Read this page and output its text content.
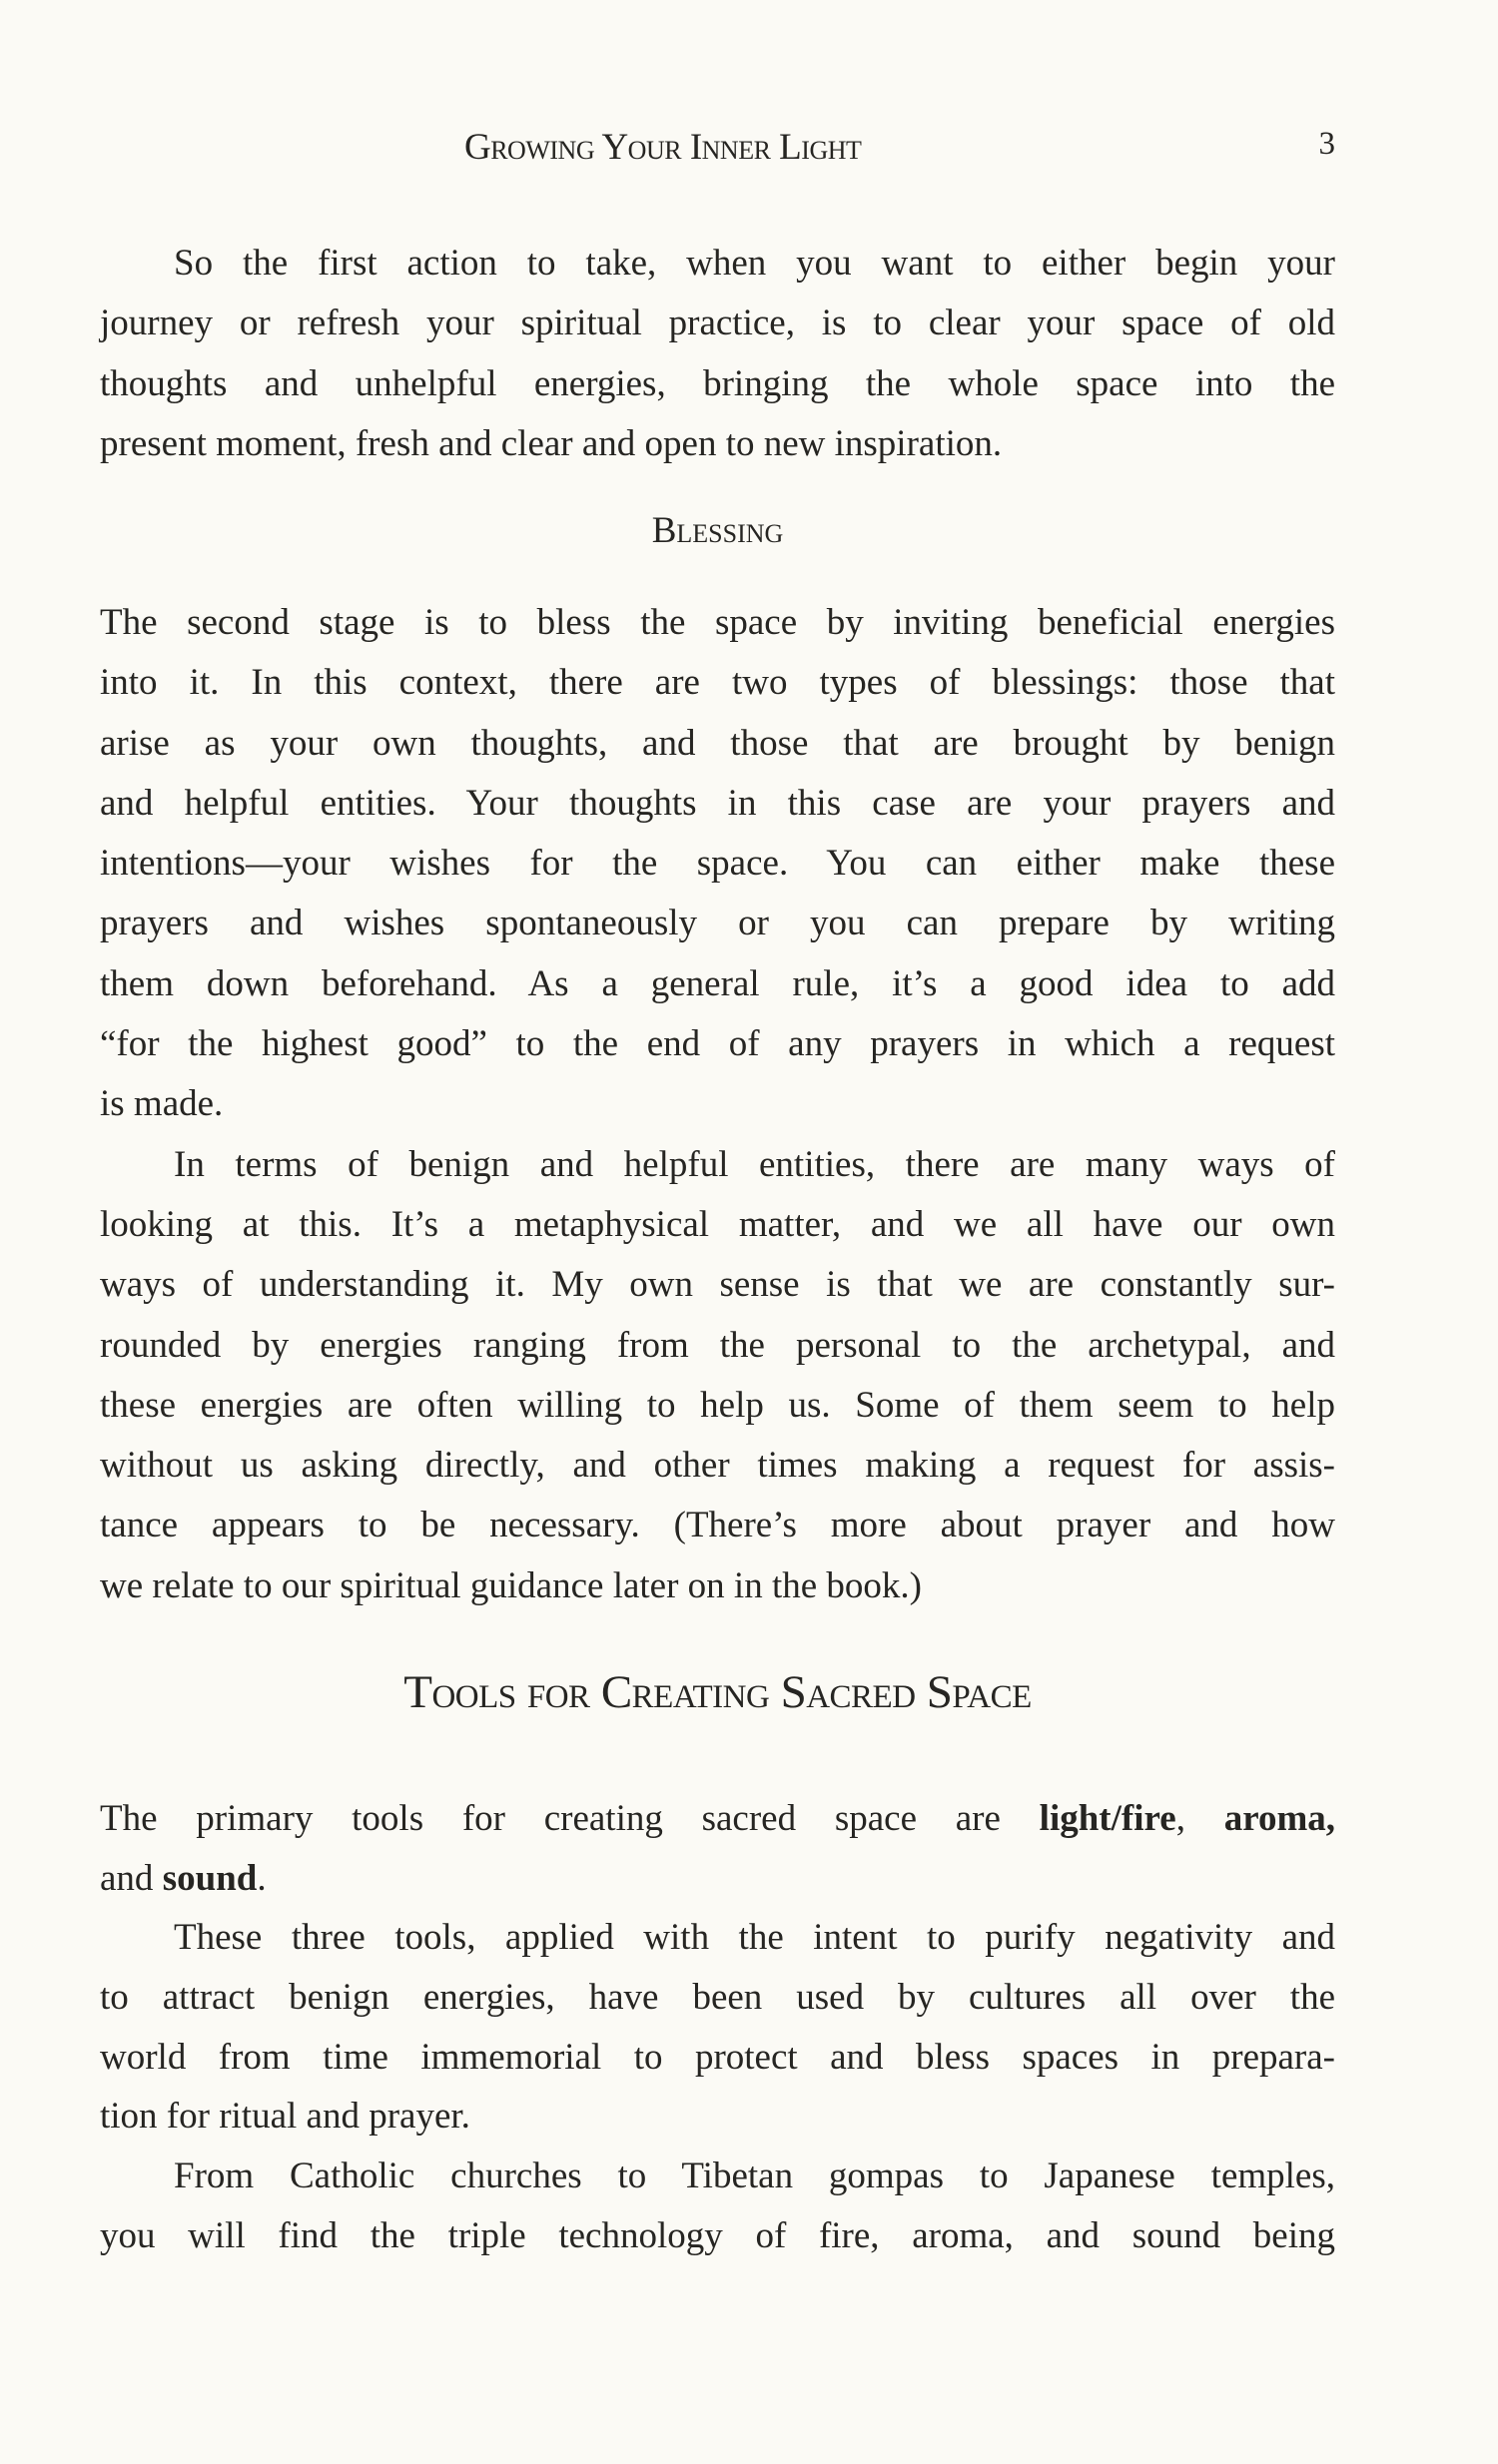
Growing Your Inner Light	3
So the first action to take, when you want to either begin your
journey or refresh your spiritual practice, is to clear your space of old
thoughts and unhelpful energies, bringing the whole space into the
present moment, fresh and clear and open to new inspiration.
Blessing
The second stage is to bless the space by inviting beneficial energies
into it. In this context, there are two types of blessings: those that
arise as your own thoughts, and those that are brought by benign
and helpful entities. Your thoughts in this case are your prayers and
intentions—your wishes for the space. You can either make these
prayers and wishes spontaneously or you can prepare by writing
them down beforehand. As a general rule, it’s a good idea to add
“for the highest good” to the end of any prayers in which a request
is made.
In terms of benign and helpful entities, there are many ways of
looking at this. It’s a metaphysical matter, and we all have our own
ways of understanding it. My own sense is that we are constantly sur-
rounded by energies ranging from the personal to the archetypal, and
these energies are often willing to help us. Some of them seem to help
without us asking directly, and other times making a request for assis-
tance appears to be necessary. (There’s more about prayer and how
we relate to our spiritual guidance later on in the book.)
Tools for Creating Sacred Space
The primary tools for creating sacred space are light/fire, aroma,
and sound.
These three tools, applied with the intent to purify negativity and
to attract benign energies, have been used by cultures all over the
world from time immemorial to protect and bless spaces in prepara-
tion for ritual and prayer.
From Catholic churches to Tibetan gompas to Japanese temples,
you will find the triple technology of fire, aroma, and sound being
